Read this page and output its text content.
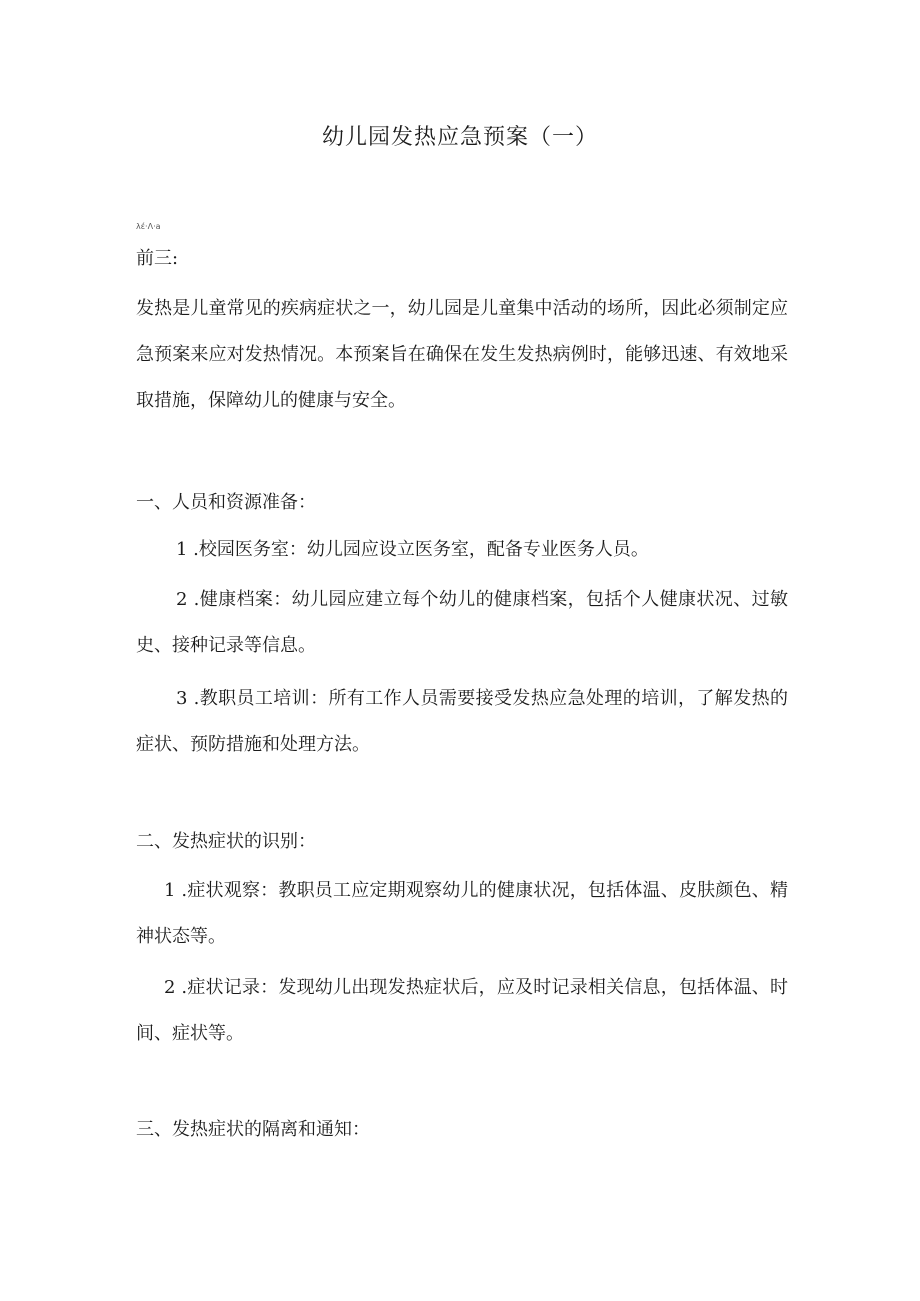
幼儿园发热应急预案（一）
λέ·Λ·a
前三:
发热是儿童常见的疾病症状之一，幼儿园是儿童集中活动的场所，因此必须制定应急预案来应对发热情况。本预案旨在确保在发生发热病例时，能够迅速、有效地采取措施，保障幼儿的健康与安全。
一、人员和资源准备：
1 .校园医务室：幼儿园应设立医务室，配备专业医务人员。
2 .健康档案：幼儿园应建立每个幼儿的健康档案，包括个人健康状况、过敏史、接种记录等信息。
3 .教职员工培训：所有工作人员需要接受发热应急处理的培训，了解发热的症状、预防措施和处理方法。
二、发热症状的识别：
1 .症状观察：教职员工应定期观察幼儿的健康状况，包括体温、皮肤颜色、精神状态等。
2 .症状记录：发现幼儿出现发热症状后，应及时记录相关信息，包括体温、时间、症状等。
三、发热症状的隔离和通知：
